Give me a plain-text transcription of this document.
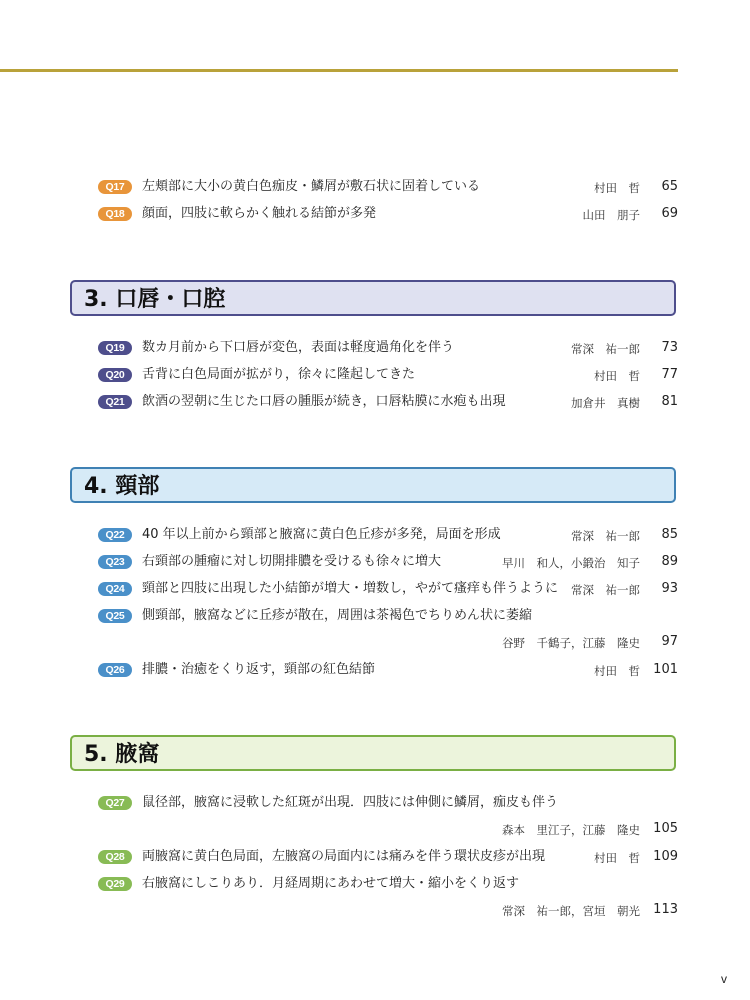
Q17	左頬部に大小の黄白色痂皮・鱗屑が敷石状に固着している	村田　哲 65
Q18	顔面，四肢に軟らかく触れる結節が多発	山田　朋子 69
3. 口唇・口腔
Q19	数カ月前から下口唇が変色，表面は軽度過角化を伴う	常深　祐一郎 73
Q20	舌背に白色局面が拡がり，徐々に隆起してきた	村田　哲 77
Q21	飲酒の翌朝に生じた口唇の腫脹が続き，口唇粘膜に水疱も出現	加倉井　真樹 81
4. 頸部
Q22	40 年以上前から頸部と腋窩に黄白色丘疹が多発，局面を形成	常深　祐一郎 85
Q23	右頸部の腫瘤に対し切開排膿を受けるも徐々に増大	早川　和人，小鍛治　知子 89
Q24	頸部と四肢に出現した小結節が増大・増数し，やがて瘙痒も伴うように 常深　祐一郎 93
Q25	側頸部，腋窩などに丘疹が散在，周囲は茶褐色でちりめん状に萎縮
谷野　千鶴子，江藤　隆史 97
Q26	排膿・治癒をくり返す，頸部の紅色結節	村田　哲 101
5. 腋窩
Q27	鼠径部，腋窩に浸軟した紅斑が出現．四肢には伸側に鱗屑，痂皮も伴う
森本　里江子，江藤　隆史 105
Q28	両腋窩に黄白色局面，左腋窩の局面内には痛みを伴う環状皮疹が出現	村田　哲 109
Q29	右腋窩にしこりあり．月経周期にあわせて増大・縮小をくり返す
常深　祐一郎，宮垣　朝光 113
v
